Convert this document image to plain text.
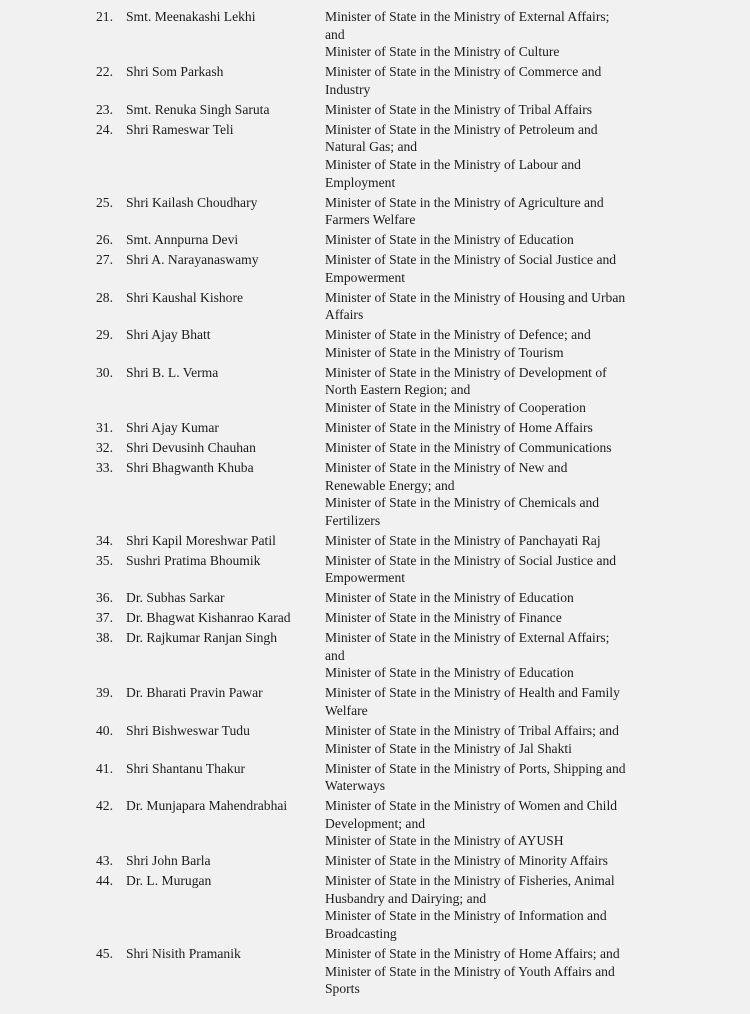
21. Smt. Meenakashi Lekhi	Minister of State in the Ministry of External Affairs;
and
Minister of State in the Ministry of Culture
22. Shri Som Parkash	Minister of State in the Ministry of Commerce and
Industry
23. Smt. Renuka Singh Saruta	Minister of State in the Ministry of Tribal Affairs
24. Shri Rameswar Teli	Minister of State in the Ministry of Petroleum and
Natural Gas; and
Minister of State in the Ministry of Labour and
Employment
25. Shri Kailash Choudhary	Minister of State in the Ministry of Agriculture and
Farmers Welfare
26. Smt. Annpurna Devi	Minister of State in the Ministry of Education
27. Shri A. Narayanaswamy	Minister of State in the Ministry of Social Justice and
Empowerment
28. Shri Kaushal Kishore	Minister of State in the Ministry of Housing and Urban
Affairs
29. Shri Ajay Bhatt	Minister of State in the Ministry of Defence; and
Minister of State in the Ministry of Tourism
30. Shri B. L. Verma	Minister of State in the Ministry of Development of
North Eastern Region; and
Minister of State in the Ministry of Cooperation
31. Shri Ajay Kumar	Minister of State in the Ministry of Home Affairs
32. Shri Devusinh Chauhan	Minister of State in the Ministry of Communications
33. Shri Bhagwanth Khuba	Minister of State in the Ministry of New and
Renewable Energy; and
Minister of State in the Ministry of Chemicals and
Fertilizers
34. Shri Kapil Moreshwar Patil	Minister of State in the Ministry of Panchayati Raj
35. Sushri Pratima Bhoumik	Minister of State in the Ministry of Social Justice and
Empowerment
36. Dr. Subhas Sarkar	Minister of State in the Ministry of Education
37. Dr. Bhagwat Kishanrao Karad	Minister of State in the Ministry of Finance
38. Dr. Rajkumar Ranjan Singh	Minister of State in the Ministry of External Affairs;
and
Minister of State in the Ministry of Education
39. Dr. Bharati Pravin Pawar	Minister of State in the Ministry of Health and Family
Welfare
40. Shri Bishweswar Tudu	Minister of State in the Ministry of Tribal Affairs; and
Minister of State in the Ministry of Jal Shakti
41. Shri Shantanu Thakur	Minister of State in the Ministry of Ports, Shipping and
Waterways
42. Dr. Munjapara Mahendrabhai	Minister of State in the Ministry of Women and Child
Development; and
Minister of State in the Ministry of AYUSH
43. Shri John Barla	Minister of State in the Ministry of Minority Affairs
44. Dr. L. Murugan	Minister of State in the Ministry of Fisheries, Animal
Husbandry and Dairying; and
Minister of State in the Ministry of Information and
Broadcasting
45. Shri Nisith Pramanik	Minister of State in the Ministry of Home Affairs; and
Minister of State in the Ministry of Youth Affairs and
Sports
